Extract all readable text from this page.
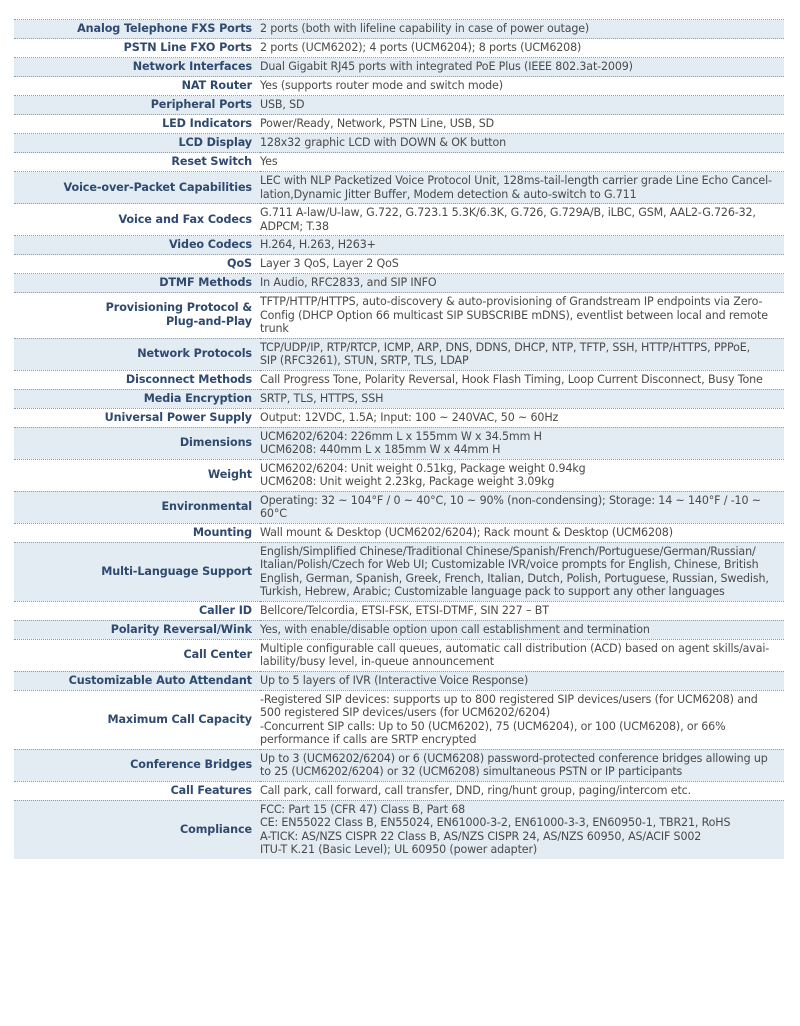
Analog Telephone FXS Ports	2 ports (both with lifeline capability in case of power outage)

PSTN Line FXO Ports	2 ports (UCM6202); 4 ports (UCM6204); 8 ports (UCM6208)

Network Interfaces	Dual Gigabit RJ45 ports with integrated PoE Plus (IEEE 802.3at-2009)

NAT Router	Yes (supports router mode and switch mode)

Peripheral Ports	USB, SD

LED Indicators	Power/Ready, Network, PSTN Line, USB, SD

LCD Display	128x32 graphic LCD with DOWN & OK button

Reset Switch	Yes

Voice-over-Packet Capabilities	LEC with NLP Packetized Voice Protocol Unit, 128ms-tail-length carrier grade Line Echo Cancel-
lation,Dynamic Jitter Buffer, Modem detection & auto-switch to G.711

Voice and Fax Codecs	G.711 A-law/U-law, G.722, G.723.1 5.3K/6.3K, G.726, G.729A/B, iLBC, GSM, AAL2-G.726-32,
ADPCM; T.38

Video Codecs	H.264, H.263, H263+

QoS	Layer 3 QoS, Layer 2 QoS

DTMF Methods	In Audio, RFC2833, and SIP INFO

Provisioning Protocol &
Plug-and-Play	TFTP/HTTP/HTTPS, auto-discovery & auto-provisioning of Grandstream IP endpoints via Zero-
Config (DHCP Option 66 multicast SIP SUBSCRIBE mDNS), eventlist between local and remote
trunk

Network Protocols	TCP/UDP/IP, RTP/RTCP, ICMP, ARP, DNS, DDNS, DHCP, NTP, TFTP, SSH, HTTP/HTTPS, PPPoE,
SIP (RFC3261), STUN, SRTP, TLS, LDAP

Disconnect Methods	Call Progress Tone, Polarity Reversal, Hook Flash Timing, Loop Current Disconnect, Busy Tone

Media Encryption	SRTP, TLS, HTTPS, SSH

Universal Power Supply	Output: 12VDC, 1.5A; Input: 100 ~ 240VAC, 50 ~ 60Hz

Dimensions	UCM6202/6204: 226mm L x 155mm W x 34.5mm H
UCM6208: 440mm L x 185mm W x 44mm H

Weight	UCM6202/6204: Unit weight 0.51kg, Package weight 0.94kg
UCM6208: Unit weight 2.23kg, Package weight 3.09kg

Environmental	Operating: 32 ~ 104°F / 0 ~ 40°C, 10 ~ 90% (non-condensing); Storage: 14 ~ 140°F / -10 ~ 60°C

Mounting	Wall mount & Desktop (UCM6202/6204); Rack mount & Desktop (UCM6208)

Multi-Language Support	English/Simplified Chinese/Traditional Chinese/Spanish/French/Portuguese/German/Russian/
Italian/Polish/Czech for Web UI; Customizable IVR/voice prompts for English, Chinese, British
English, German, Spanish, Greek, French, Italian, Dutch, Polish, Portuguese, Russian, Swedish,
Turkish, Hebrew, Arabic; Customizable language pack to support any other languages

Caller ID	Bellcore/Telcordia, ETSI-FSK, ETSI-DTMF, SIN 227 – BT

Polarity Reversal/Wink	Yes, with enable/disable option upon call establishment and termination

Call Center	Multiple configurable call queues, automatic call distribution (ACD) based on agent skills/avai-
lability/busy level, in-queue announcement

Customizable Auto Attendant	Up to 5 layers of IVR (Interactive Voice Response)

Maximum Call Capacity	-Registered SIP devices: supports up to 800 registered SIP devices/users (for UCM6208) and
500 registered SIP devices/users (for UCM6202/6204)
-Concurrent SIP calls: Up to 50 (UCM6202), 75 (UCM6204), or 100 (UCM6208), or 66%
performance if calls are SRTP encrypted

Conference Bridges	Up to 3 (UCM6202/6204) or 6 (UCM6208) password-protected conference bridges allowing up
to 25 (UCM6202/6204) or 32 (UCM6208) simultaneous PSTN or IP participants

Call Features	Call park, call forward, call transfer, DND, ring/hunt group, paging/intercom etc.

Compliance	FCC: Part 15 (CFR 47) Class B, Part 68
CE: EN55022 Class B, EN55024, EN61000-3-2, EN61000-3-3, EN60950-1, TBR21, RoHS
A-TICK: AS/NZS CISPR 22 Class B, AS/NZS CISPR 24, AS/NZS 60950, AS/ACIF S002
ITU-T K.21 (Basic Level); UL 60950 (power adapter)
